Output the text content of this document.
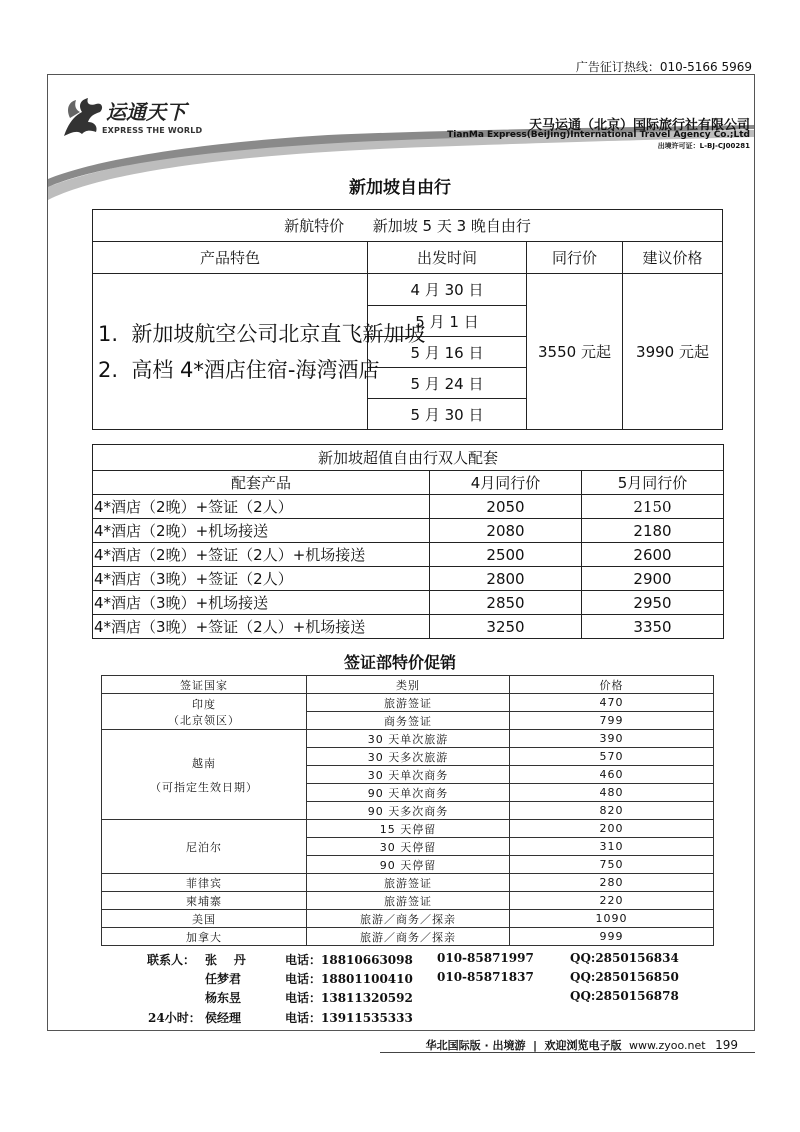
广告征订热线：010-5166 5969
运通天下
EXPRESS THE WORLD	天马运通（北京）国际旅行社有限公司
TianMa Express(BeiJing)International Travel Agency Co.;Ltd
出境许可证：L-BJ-CJ00281
新加坡自由行
新航特价      新加坡 5 天 3 晚自由行			
产品特色	出发时间	同行价	建议价格

1.  新加坡航空公司北京直飞新加坡
2.  高档 4*酒店住宿-海湾酒店	4 月 30 日	3550 元起	3990 元起
	5 月 1 日		
	5 月 16 日		
	5 月 24 日		
	5 月 30 日		
新加坡超值自由行双人配套		
配套产品	4月同行价	5月同行价
4*酒店（2晚）+签证（2人）	2050	2150
4*酒店（2晚）+机场接送	2080	2180
4*酒店（2晚）+签证（2人）+机场接送	2500	2600
4*酒店（3晚）+签证（2人）	2800	2900
4*酒店（3晚）+机场接送	2850	2950
4*酒店（3晚）+签证（2人）+机场接送	3250	3350
签证部特价促销
签证国家	类别	价格

印度
（北京领区）	旅游签证	470
	商务签证	799

越南
（可指定生效日期）	30 天单次旅游	390
	30 天多次旅游	570
	30 天单次商务	460
	90 天单次商务	480
	90 天多次商务	820
尼泊尔	15 天停留	200
	30 天停留	310
	90 天停留	750
菲律宾	旅游签证	280
柬埔寨	旅游签证	220
美国	旅游／商务／探亲	1090
加拿大	旅游／商务／探亲	999
联系人： 张    丹	电话：18810663098 010-85871997	QQ:2850156834
任梦君	电话：18801100410 010-85871837	QQ:2850156850
杨东昱	电话：13811320592	QQ:2850156878
24小时： 侯经理	电话：13911535333
华北国际版 · 出境游 | 欢迎浏览电子版 www.zyoo.net 199
